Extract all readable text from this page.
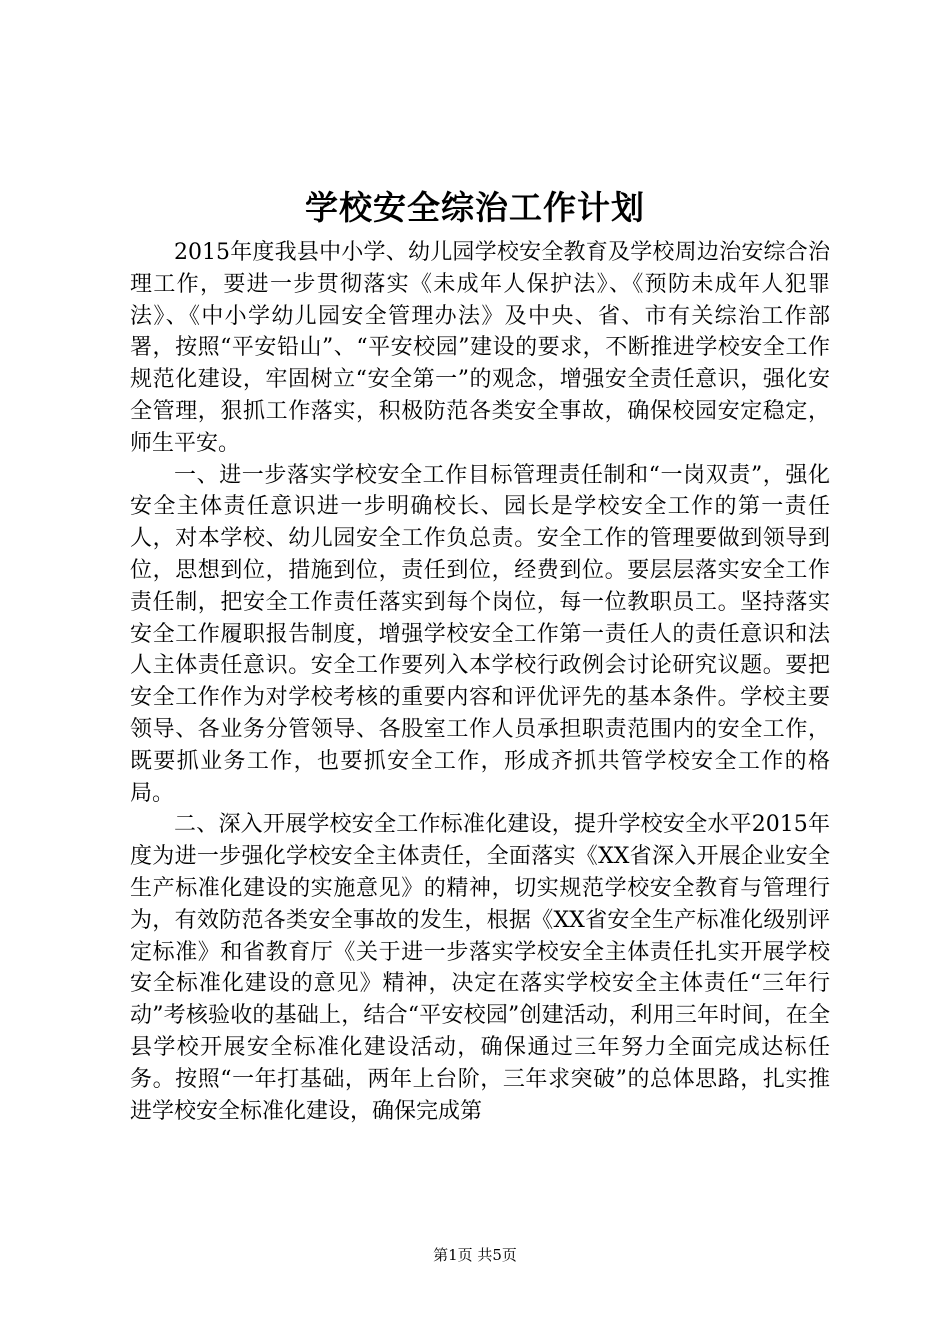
学校安全综治工作计划

2015年度我县中小学、幼儿园学校安全教育及学校周边治安综合治理工作，要进一步贯彻落实《未成年人保护法》、《预防未成年人犯罪法》、《中小学幼儿园安全管理办法》及中央、省、市有关综治工作部署，按照“平安铅山”、“平安校园”建设的要求，不断推进学校安全工作规范化建设，牢固树立“安全第一”的观念，增强安全责任意识，强化安全管理，狠抓工作落实，积极防范各类安全事故，确保校园安定稳定，师生平安。

一、进一步落实学校安全工作目标管理责任制和“一岗双责”，强化安全主体责任意识进一步明确校长、园长是学校安全工作的第一责任人，对本学校、幼儿园安全工作负总责。安全工作的管理要做到领导到位，思想到位，措施到位，责任到位，经费到位。要层层落实安全工作责任制，把安全工作责任落实到每个岗位，每一位教职员工。坚持落实安全工作履职报告制度，增强学校安全工作第一责任人的责任意识和法人主体责任意识。安全工作要列入本学校行政例会讨论研究议题。要把安全工作作为对学校考核的重要内容和评优评先的基本条件。学校主要领导、各业务分管领导、各股室工作人员承担职责范围内的安全工作，既要抓业务工作，也要抓安全工作，形成齐抓共管学校安全工作的格局。

二、深入开展学校安全工作标准化建设，提升学校安全水平2015年度为进一步强化学校安全主体责任，全面落实《XX省深入开展企业安全生产标准化建设的实施意见》的精神，切实规范学校安全教育与管理行为，有效防范各类安全事故的发生，根据《XX省安全生产标准化级别评定标准》和省教育厅《关于进一步落实学校安全主体责任扎实开展学校安全标准化建设的意见》精神，决定在落实学校安全主体责任“三年行动”考核验收的基础上，结合“平安校园”创建活动，利用三年时间，在全县学校开展安全标准化建设活动，确保通过三年努力全面完成达标任务。按照“一年打基础，两年上台阶，三年求突破”的总体思路，扎实推进学校安全标准化建设，确保完成第

第1页 共5页
